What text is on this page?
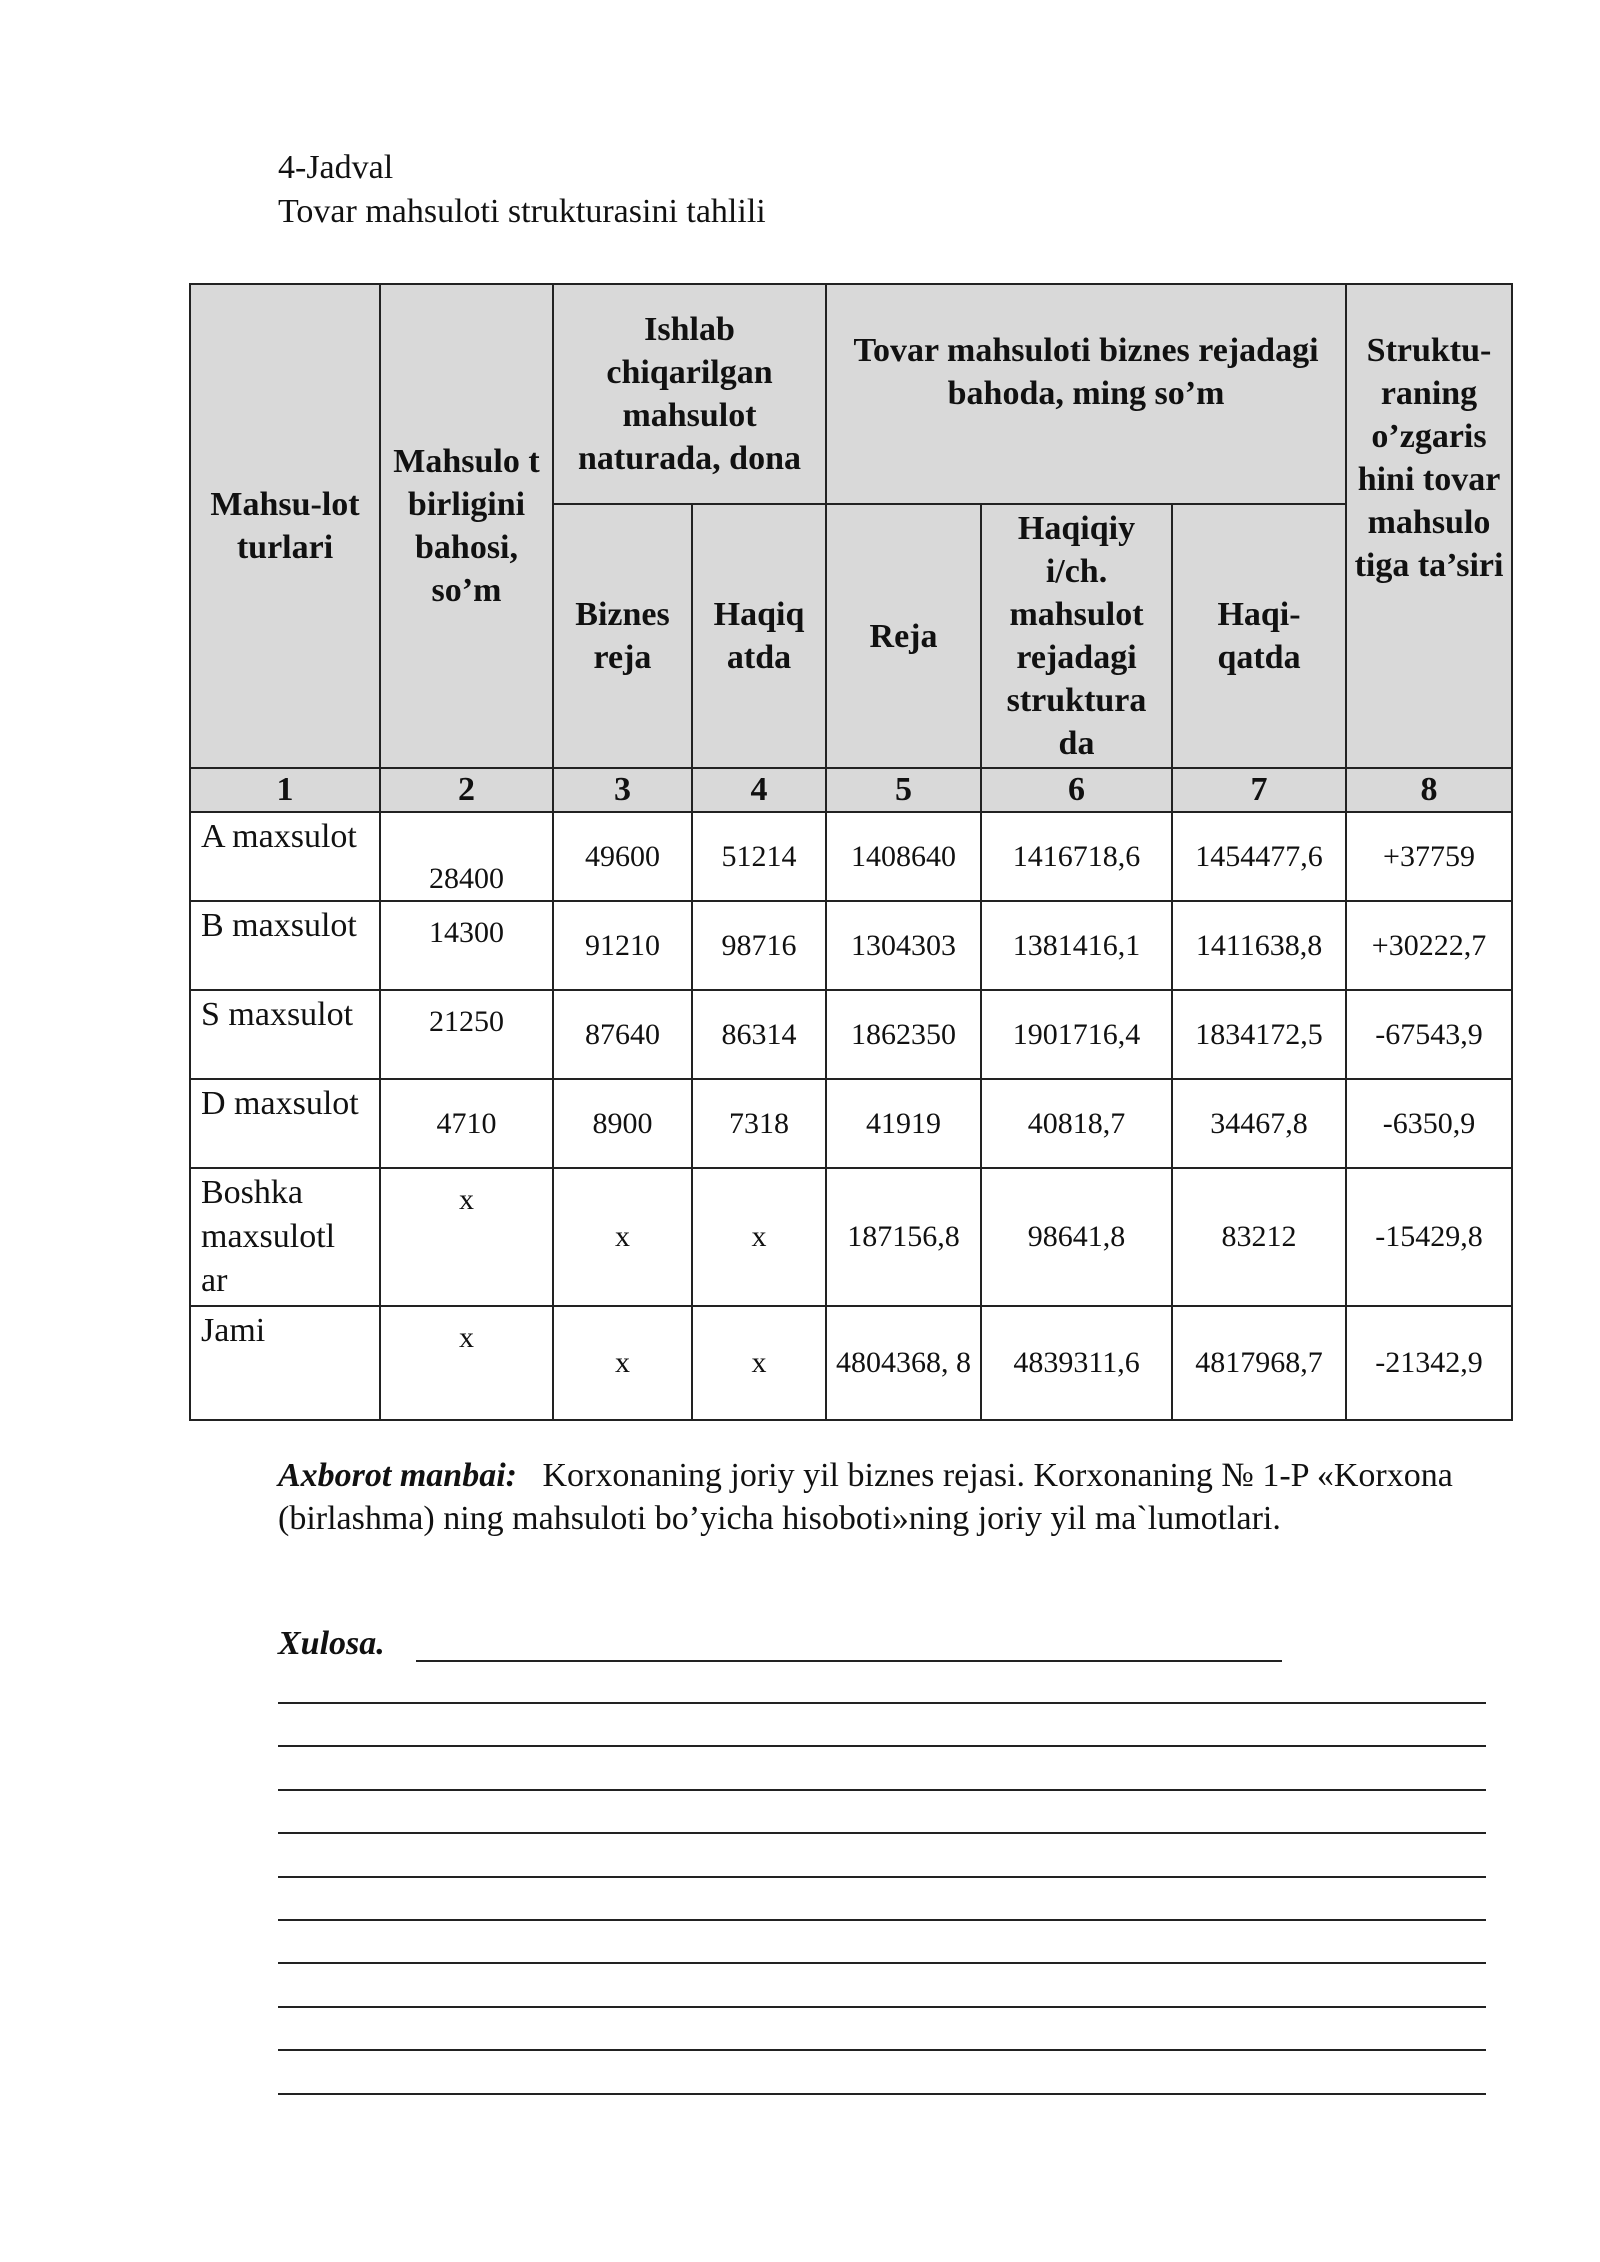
4-Jadval
Tovar mahsuloti strukturasini tahlili
Mahsu-lot turlari	Mahsulo t birligini bahosi, so’m	Ishlab chiqarilgan mahsulot naturada, dona		Tovar mahsuloti biznes rejadagi bahoda, ming so’m			Struktu-raning o’zgaris hini tovar mahsulo tiga ta’siri
		Biznes reja	Haqiq atda	Reja	Haqiqiy i/ch. mahsulot rejadagi struktura da	Haqi-qatda	
1	2	3	4	5	6	7	8
A maxsulot	28400	49600	51214	1408640	1416718,6	1454477,6	+37759
B maxsulot	14300	91210	98716	1304303	1381416,1	1411638,8	+30222,7
S maxsulot	21250	87640	86314	1862350	1901716,4	1834172,5	-67543,9
D maxsulot	4710	8900	7318	41919	40818,7	34467,8	-6350,9
Boshka maxsulotl ar	x	x	x	187156,8	98641,8	83212	-15429,8
Jami	x	x	x	4804368, 8	4839311,6	4817968,7	-21342,9
Axborot manbai: Korxonaning joriy yil biznes rejasi. Korxonaning № 1-P «Korxona (birlashma) ning mahsuloti bo’yicha hisoboti»ning joriy yil ma`lumotlari.
Xulosa.
